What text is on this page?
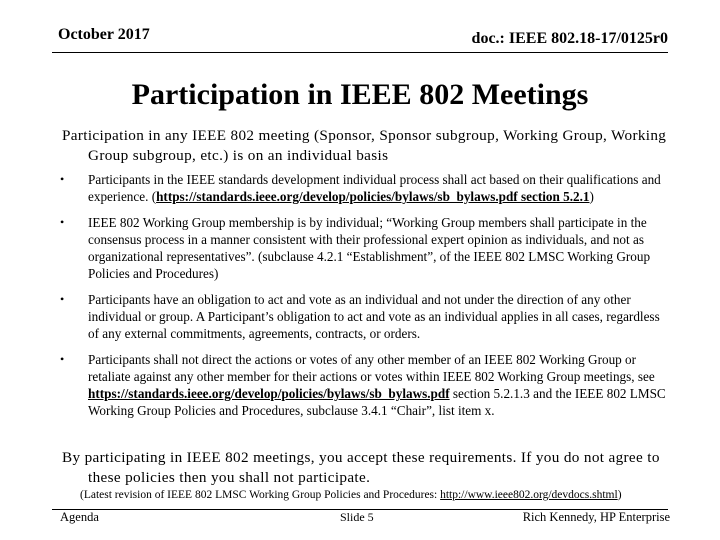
October 2017	doc.: IEEE 802.18-17/0125r0
Participation in IEEE 802 Meetings
Participation in any IEEE 802 meeting (Sponsor, Sponsor subgroup, Working Group, Working Group subgroup, etc.) is on an individual basis
• Participants in the IEEE standards development individual process shall act based on their qualifications and experience. (https://standards.ieee.org/develop/policies/bylaws/sb_bylaws.pdf section 5.2.1)
• IEEE 802 Working Group membership is by individual; “Working Group members shall participate in the consensus process in a manner consistent with their professional expert opinion as individuals, and not as organizational representatives”. (subclause 4.2.1 “Establishment”, of the IEEE 802 LMSC Working Group Policies and Procedures)
• Participants have an obligation to act and vote as an individual and not under the direction of any other individual or group. A Participant’s obligation to act and vote as an individual applies in all cases, regardless of any external commitments, agreements, contracts, or orders.
• Participants shall not direct the actions or votes of any other member of an IEEE 802 Working Group or retaliate against any other member for their actions or votes within IEEE 802 Working Group meetings, see https://standards.ieee.org/develop/policies/bylaws/sb_bylaws.pdf section 5.2.1.3 and the IEEE 802 LMSC Working Group Policies and Procedures, subclause 3.4.1 “Chair”, list item x.
By participating in IEEE 802 meetings, you accept these requirements. If you do not agree to these policies then you shall not participate.
(Latest revision of IEEE 802 LMSC Working Group Policies and Procedures: http://www.ieee802.org/devdocs.shtml)
Agenda	Slide 5	Rich Kennedy, HP Enterprise
